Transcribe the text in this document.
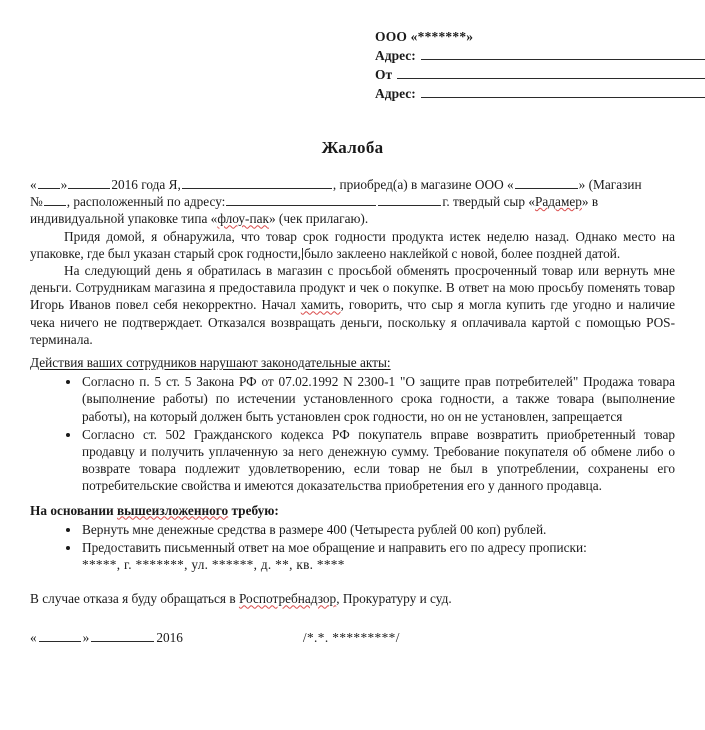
ООО «*******»
Адрес:
От
Адрес:
Жалоба

« »	2016 года Я,	, приобред(а) в магазине ООО «	» (Магазин
№ , расположенный по адресу:	г. твердый сыр «Радамер» в
индивидуальной упаковке типа «флоу-пак» (чек прилагаю).

Придя домой, я обнаружила, что товар срок годности продукта истек неделю назад. Однако место на упаковке, где был указан старый срок годности, было заклеено наклейкой с новой, более поздней датой.

На следующий день я обратилась в магазин с просьбой обменять просроченный товар или вернуть мне деньги. Сотрудникам магазина я предоставила продукт и чек о покупке. В ответ на мою просьбу поменять товар Игорь Иванов повел себя некорректно. Начал хамить, говорить, что сыр я могла купить где угодно и наличие чека ничего не подтверждает. Отказался возвращать деньги, поскольку я оплачивала картой с помощью POS-терминала.

Действия ваших сотрудников нарушают законодательные акты:

Согласно п. 5 ст. 5 Закона РФ от 07.02.1992 N 2300-1 "О защите прав потребителей" Продажа товара (выполнение работы) по истечении установленного срока годности, а также товара (выполнение работы), на который должен быть установлен срок годности, но он не установлен, запрещается
Согласно ст. 502 Гражданского кодекса РФ покупатель вправе возвратить приобретенный товар продавцу и получить уплаченную за него денежную сумму. Требование покупателя об обмене либо о возврате товара подлежит удовлетворению, если товар не был в употреблении, сохранены его потребительские свойства и имеются доказательства приобретения его у данного продавца.

На основании вышеизложенного требую:

Вернуть мне денежные средства в размере 400 (Четыреста рублей 00 коп) рублей.
Предоставить письменный ответ на мое обращение и направить его по адресу прописки:
*****, г. *******, ул. ******, д. **, кв. ****

В случае отказа я буду обращаться в Роспотребнадзор, Прокуратуру и суд.

«	»	2016	/*.*. *********/
